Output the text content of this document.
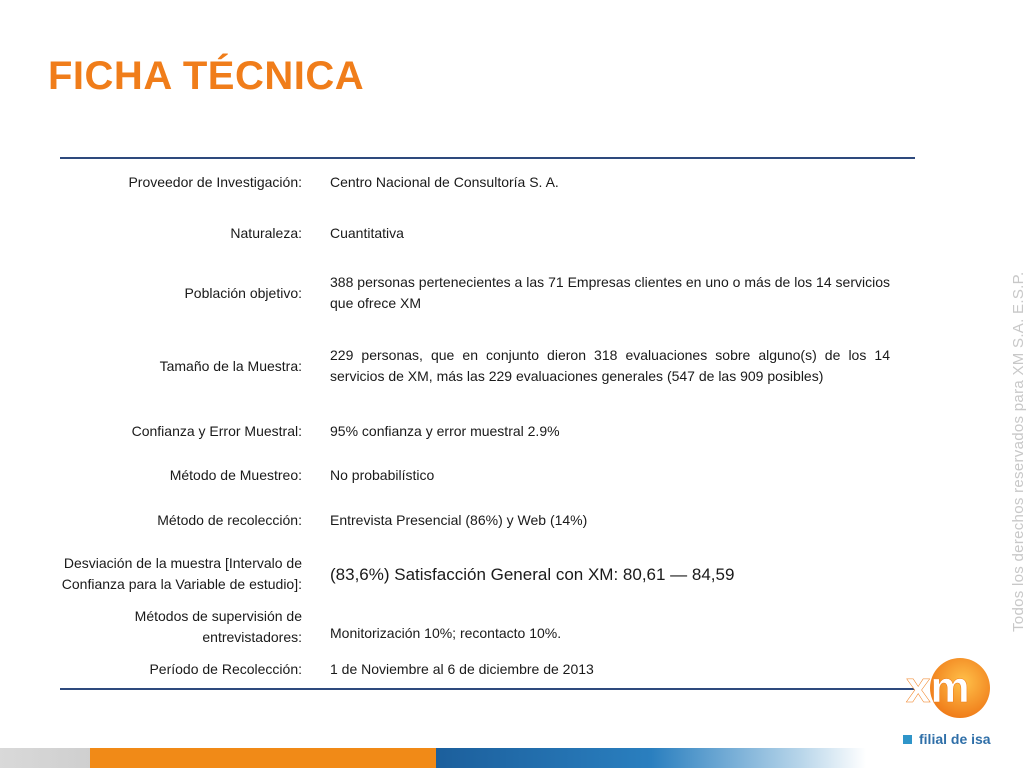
FICHA TÉCNICA
Proveedor de Investigación:	Centro Nacional de Consultoría S. A.
Naturaleza:	Cuantitativa
Población objetivo:
388 personas pertenecientes a las 71 Empresas clientes en uno o más de los 14 servicios que ofrece XM
Tamaño de la Muestra:
229 personas, que en conjunto dieron 318 evaluaciones sobre alguno(s) de los 14 servicios de XM, más las 229 evaluaciones generales (547 de las 909 posibles)
Confianza y Error Muestral:	95% confianza y error muestral 2.9%
Método de Muestreo:	No probabilístico
Método de recolección:	Entrevista Presencial (86%) y Web (14%)
Desviación de la muestra [Intervalo de Confianza para la Variable de estudio]:
(83,6%) Satisfacción General con XM: 80,61 — 84,59
Métodos de supervisión de entrevistadores:	Monitorización 10%; recontacto 10%.
Período de Recolección:	1 de Noviembre al 6 de diciembre de 2013
Todos los derechos reservados para XM S.A. E.S.P.
xm
filial de isa
